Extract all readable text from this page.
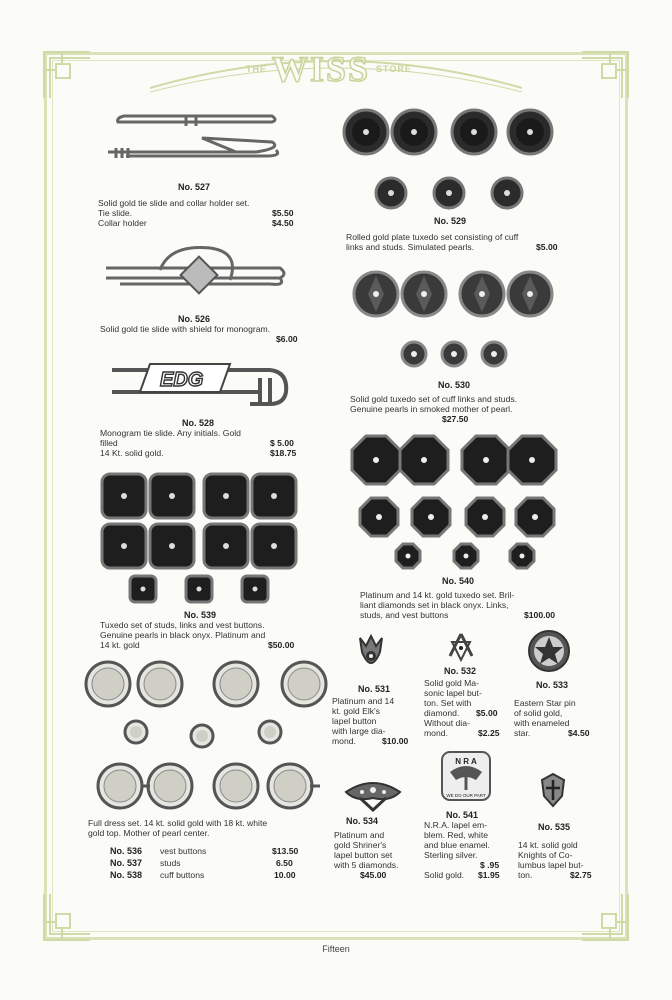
THE WISS STORE
No. 527
Solid gold tie slide and collar holder set.
Tie slide.	$5.50
Collar holder	$4.50
No. 526
Solid gold tie slide with shield for monogram.
$6.00
EDG
No. 528
Monogram tie slide. Any initials. Gold
filled	$ 5.00
14 Kt. solid gold.	$18.75
No. 539
Tuxedo set of studs, links and vest buttons.
Genuine pearls in black onyx. Platinum and
14 kt. gold	$50.00
Full dress set. 14 kt. solid gold with 18 kt. white
gold top. Mother of pearl center.
No. 536 vest buttons	$13.50
No. 537 studs	6.50
No. 538 cuff buttons	10.00
No. 529
Rolled gold plate tuxedo set consisting of cuff
links and studs. Simulated pearls.	$5.00
No. 530
Solid gold tuxedo set of cuff links and studs.
Genuine pearls in smoked mother of pearl.
$27.50
No. 540
Platinum and 14 kt. gold tuxedo set. Bril-
liant diamonds set in black onyx. Links,
studs, and vest buttons	$100.00
No. 531
Platinum and 14
kt. gold Elk's
lapel button
with large dia-
mond.	$10.00
No. 532
Solid gold Ma-
sonic lapel but-
ton. Set with
diamond. $5.00
Without dia-
mond.	$2.25
No. 533
Eastern Star pin
of solid gold,
with enameled
star.	$4.50
No. 534
Platinum and
gold Shriner's
lapel button set
with 5 diamonds.
$45.00
N R A
WE DO OUR PART
No. 541
N.R.A. lapel em-
blem. Red, white
and blue enamel.
Sterling silver.
$ .95
Solid gold. $1.95
No. 535
14 kt. solid gold
Knights of Co-
lumbus lapel but-
ton.	$2.75
Fifteen
